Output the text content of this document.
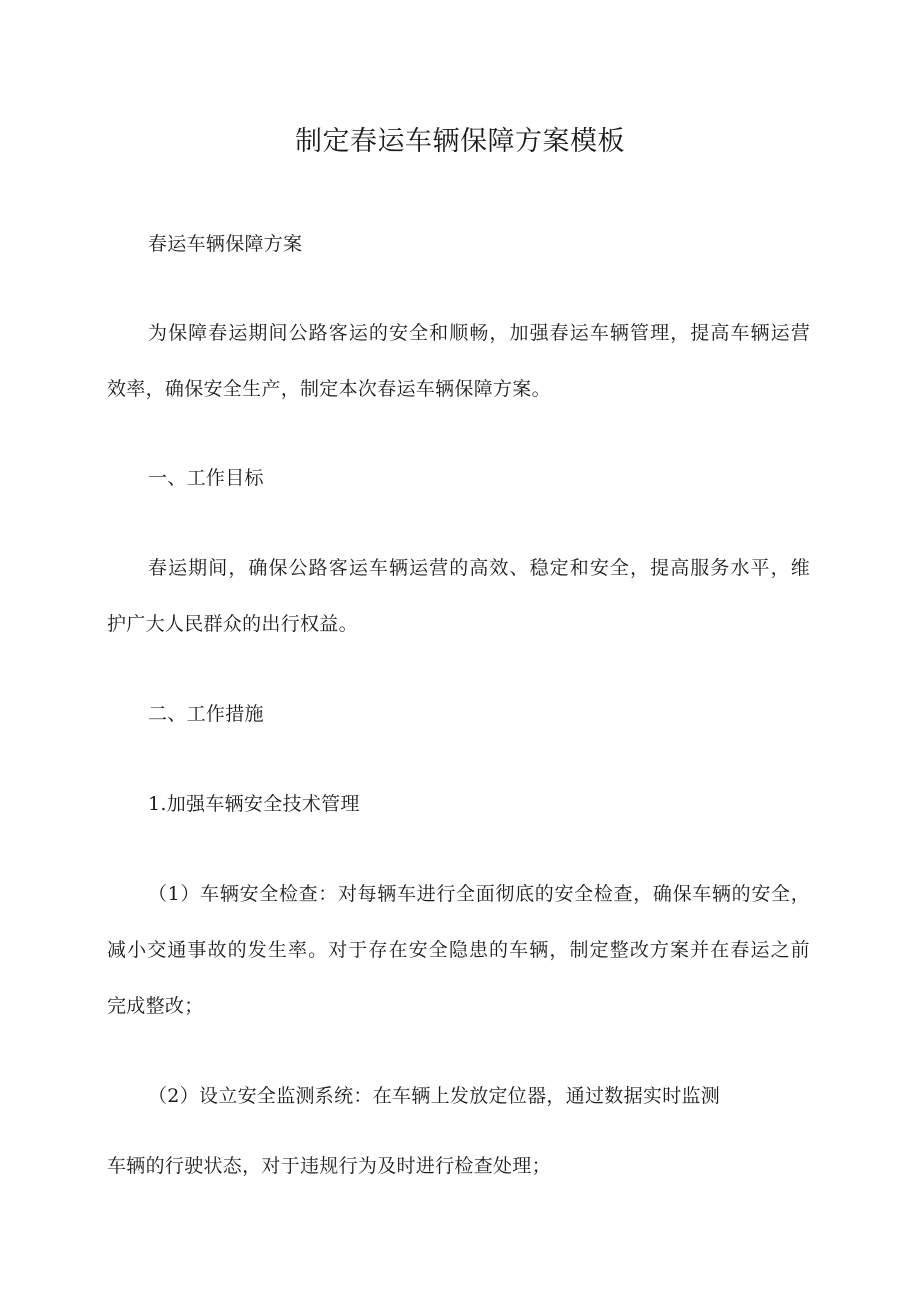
制定春运车辆保障方案模板
春运车辆保障方案
为保障春运期间公路客运的安全和顺畅，加强春运车辆管理，提高车辆运营
效率，确保安全生产，制定本次春运车辆保障方案。
一、工作目标
春运期间，确保公路客运车辆运营的高效、稳定和安全，提高服务水平，维
护广大人民群众的出行权益。
二、工作措施
1.加强车辆安全技术管理
（1）车辆安全检查：对每辆车进行全面彻底的安全检查，确保车辆的安全，
减小交通事故的发生率。对于存在安全隐患的车辆，制定整改方案并在春运之前
完成整改；
（2）设立安全监测系统：在车辆上发放定位器，通过数据实时监测
车辆的行驶状态，对于违规行为及时进行检查处理；
